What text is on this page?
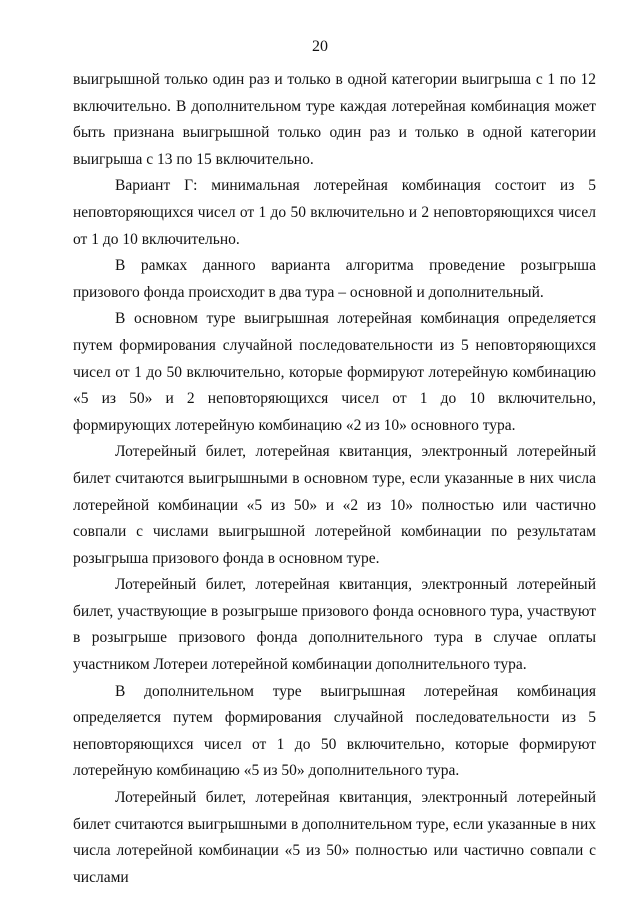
20

выигрышной только один раз и только в одной категории выигрыша с 1 по 12 включительно. В дополнительном туре каждая лотерейная комбинация может быть признана выигрышной только один раз и только в одной категории выигрыша с 13 по 15 включительно.

Вариант Г: минимальная лотерейная комбинация состоит из 5 неповторяющихся чисел от 1 до 50 включительно и 2 неповторяющихся чисел от 1 до 10 включительно.

В рамках данного варианта алгоритма проведение розыгрыша призового фонда происходит в два тура – основной и дополнительный.

В основном туре выигрышная лотерейная комбинация определяется путем формирования случайной последовательности из 5 неповторяющихся чисел от 1 до 50 включительно, которые формируют лотерейную комбинацию «5 из 50» и 2 неповторяющихся чисел от 1 до 10 включительно, формирующих лотерейную комбинацию «2 из 10» основного тура.

Лотерейный билет, лотерейная квитанция, электронный лотерейный билет считаются выигрышными в основном туре, если указанные в них числа лотерейной комбинации «5 из 50» и «2 из 10» полностью или частично совпали с числами выигрышной лотерейной комбинации по результатам розыгрыша призового фонда в основном туре.

Лотерейный билет, лотерейная квитанция, электронный лотерейный билет, участвующие в розыгрыше призового фонда основного тура, участвуют в розыгрыше призового фонда дополнительного тура в случае оплаты участником Лотереи лотерейной комбинации дополнительного тура.

В дополнительном туре выигрышная лотерейная комбинация определяется путем формирования случайной последовательности из 5 неповторяющихся чисел от 1 до 50 включительно, которые формируют лотерейную комбинацию «5 из 50» дополнительного тура.

Лотерейный билет, лотерейная квитанция, электронный лотерейный билет считаются выигрышными в дополнительном туре, если указанные в них числа лотерейной комбинации «5 из 50» полностью или частично совпали с числами
